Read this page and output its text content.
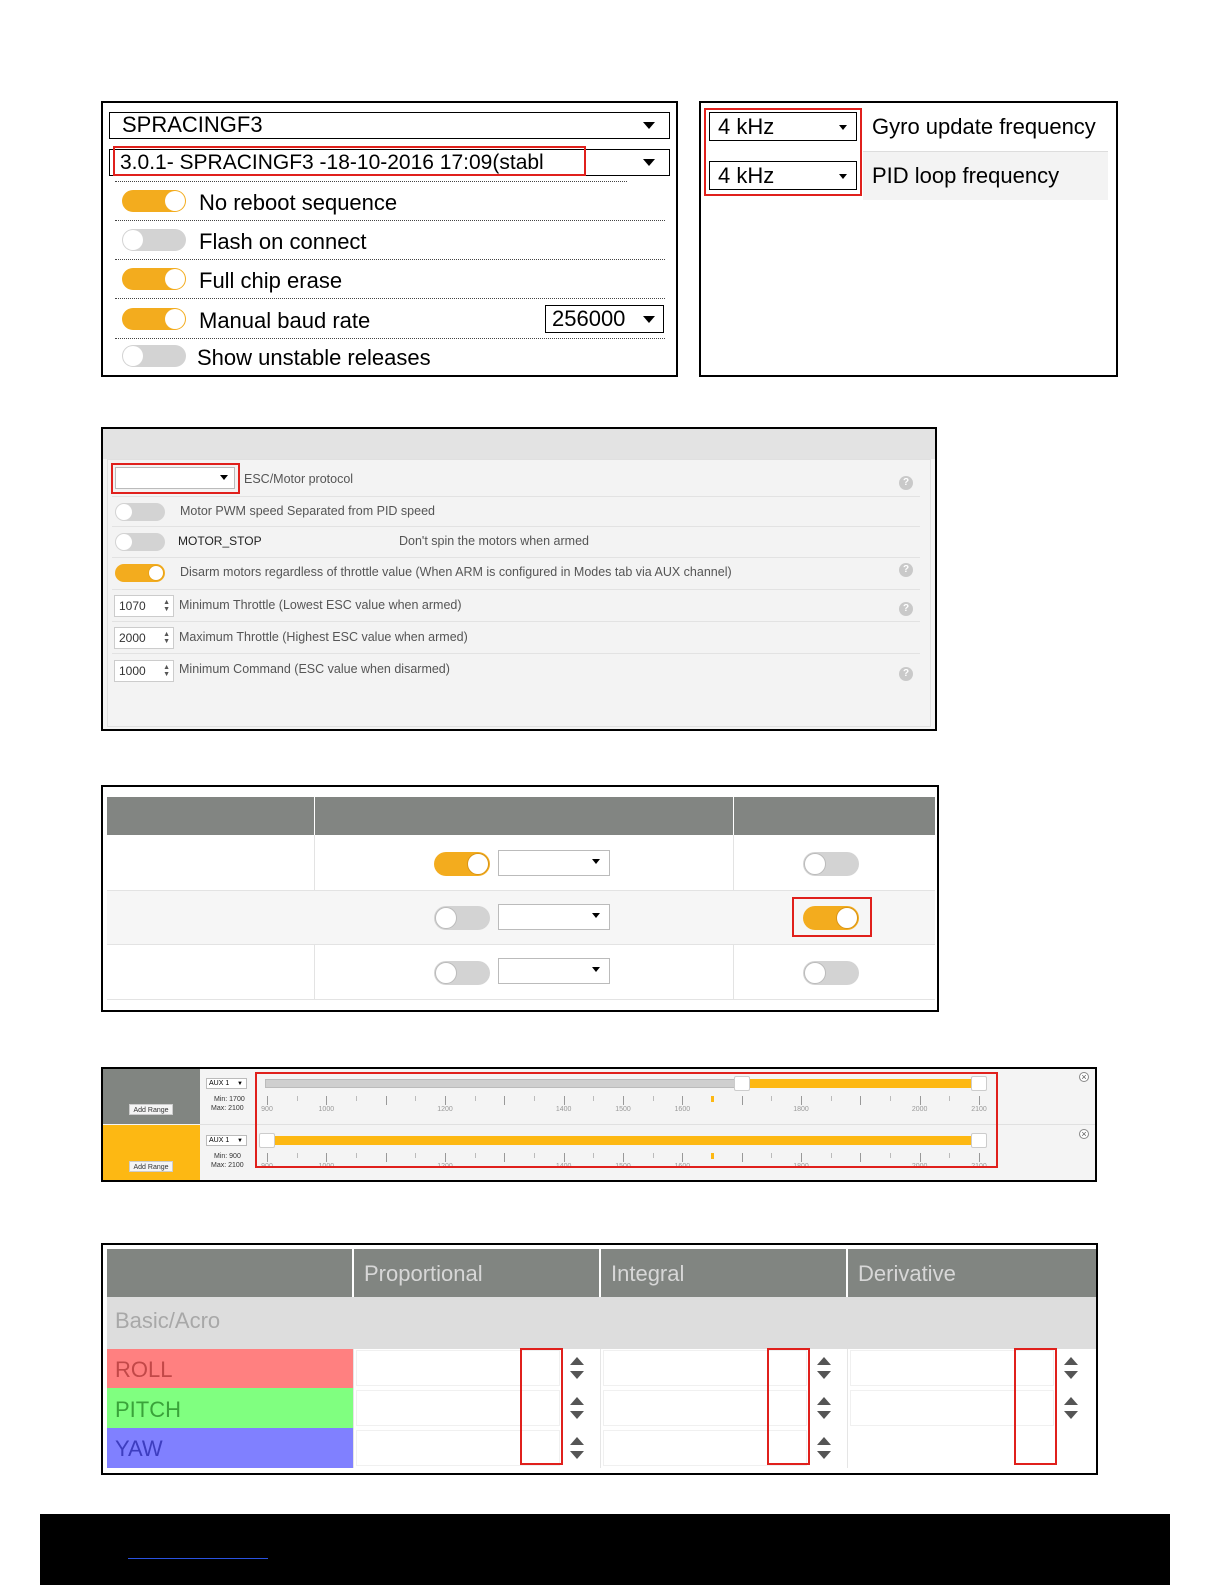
SPRACINGF3
3.0.1- SPRACINGF3 -18-10-2016 17:09(stabl
No reboot sequence
Flash on connect
Full chip erase
Manual baud rate	256000
Show unstable releases
4 kHz	Gyro update frequency
4 kHz	PID loop frequency
ESC/Motor protocol	?
Motor PWM speed Separated from PID speed
MOTOR_STOP	Don't spin the motors when armed
Disarm motors regardless of throttle value (When ARM is configured in Modes tab via AUX channel)	?
1070 ▲
▼ Minimum Throttle (Lowest ESC value when armed)	?
2000 ▲
▼ Maximum Throttle (Highest ESC value when armed)
1000 ▲
▼ Minimum Command (ESC value when disarmed)	?
Add Range
AUX 1 ▼
Min: 1700
Max: 2100 900	1000	1200	1400	1500	1600	1800	2000	2100
×
Add Range
AUX 1 ▼
Min: 900
Max: 2100 900	1000	1200	1400	1500	1600	1800	2000	2100
×
Proportional	Integral	Derivative
Basic/Acro
ROLL
PITCH
YAW
